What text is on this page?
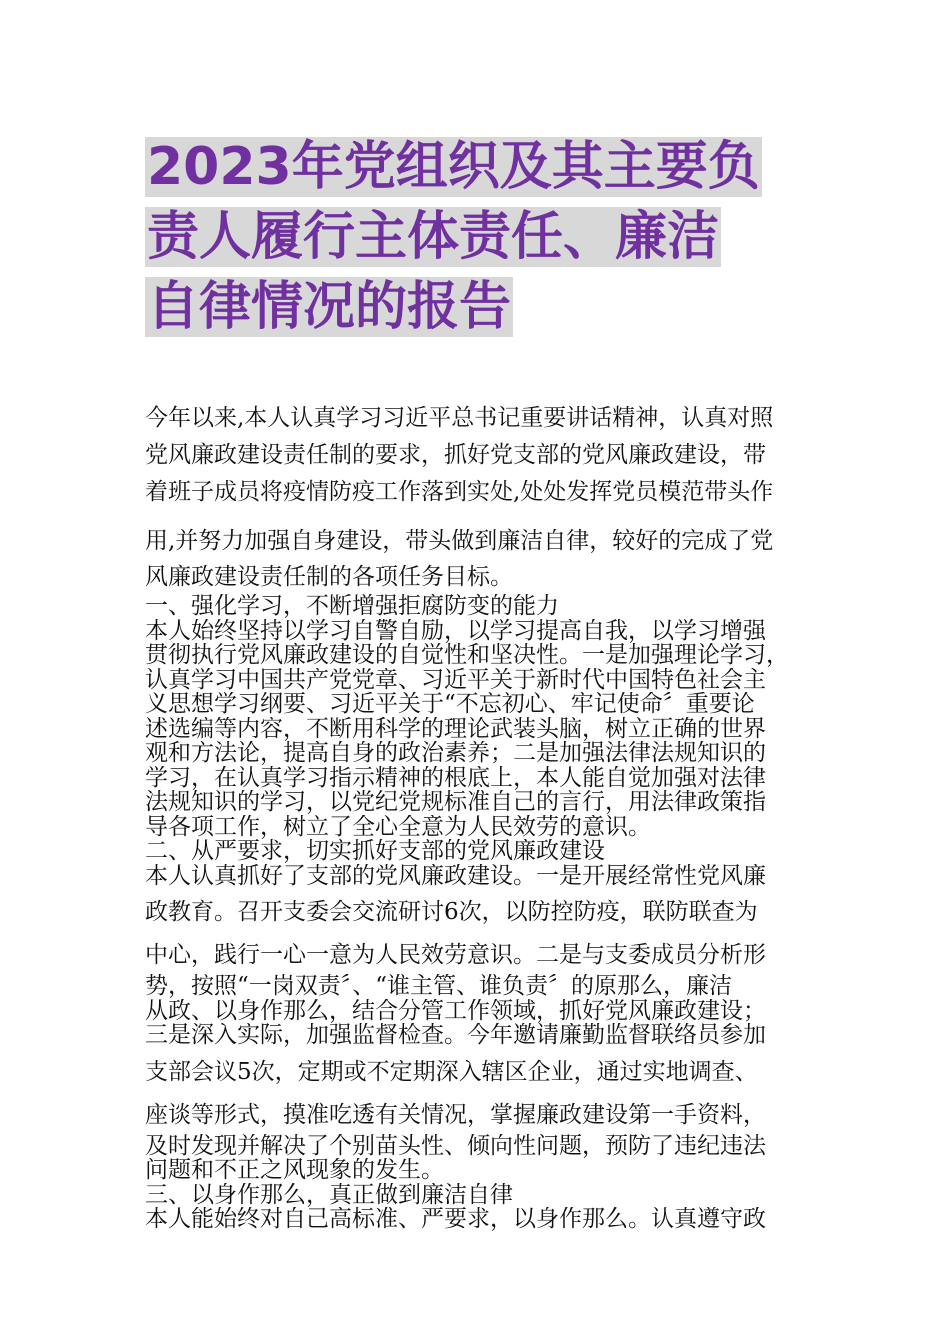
2023年党组织及其主要负
责人履行主体责任、廉洁
自律情况的报告
今年以来,本人认真学习习近平总书记重要讲话精神，认真对照
党风廉政建设责任制的要求，抓好党支部的党风廉政建设，带
着班子成员将疫情防疫工作落到实处,处处发挥党员模范带头作
用,并努力加强自身建设，带头做到廉洁自律，较好的完成了党
风廉政建设责任制的各项任务目标。
一、强化学习，不断增强拒腐防变的能力
本人始终坚持以学习自警自励，以学习提高自我，以学习增强
贯彻执行党风廉政建设的自觉性和坚决性。一是加强理论学习，
认真学习中国共产党党章、习近平关于新时代中国特色社会主
义思想学习纲要、习近平关于“不忘初心、牢记使命〞重要论
述选编等内容，不断用科学的理论武装头脑，树立正确的世界
观和方法论，提高自身的政治素养；二是加强法律法规知识的
学习，在认真学习指示精神的根底上，本人能自觉加强对法律
法规知识的学习，以党纪党规标准自己的言行，用法律政策指
导各项工作，树立了全心全意为人民效劳的意识。
二、从严要求，切实抓好支部的党风廉政建设
本人认真抓好了支部的党风廉政建设。一是开展经常性党风廉
政教育。召开支委会交流研讨6次，以防控防疫，联防联查为
中心，践行一心一意为人民效劳意识。二是与支委成员分析形
势，按照“一岗双责〞、“谁主管、谁负责〞的原那么，廉洁
从政、以身作那么，结合分管工作领域，抓好党风廉政建设；
三是深入实际，加强监督检查。今年邀请廉勤监督联络员参加
支部会议5次，定期或不定期深入辖区企业，通过实地调查、
座谈等形式，摸准吃透有关情况，掌握廉政建设第一手资料，
及时发现并解决了个别苗头性、倾向性问题，预防了违纪违法
问题和不正之风现象的发生。
三、以身作那么，真正做到廉洁自律
本人能始终对自己高标准、严要求，以身作那么。认真遵守政
